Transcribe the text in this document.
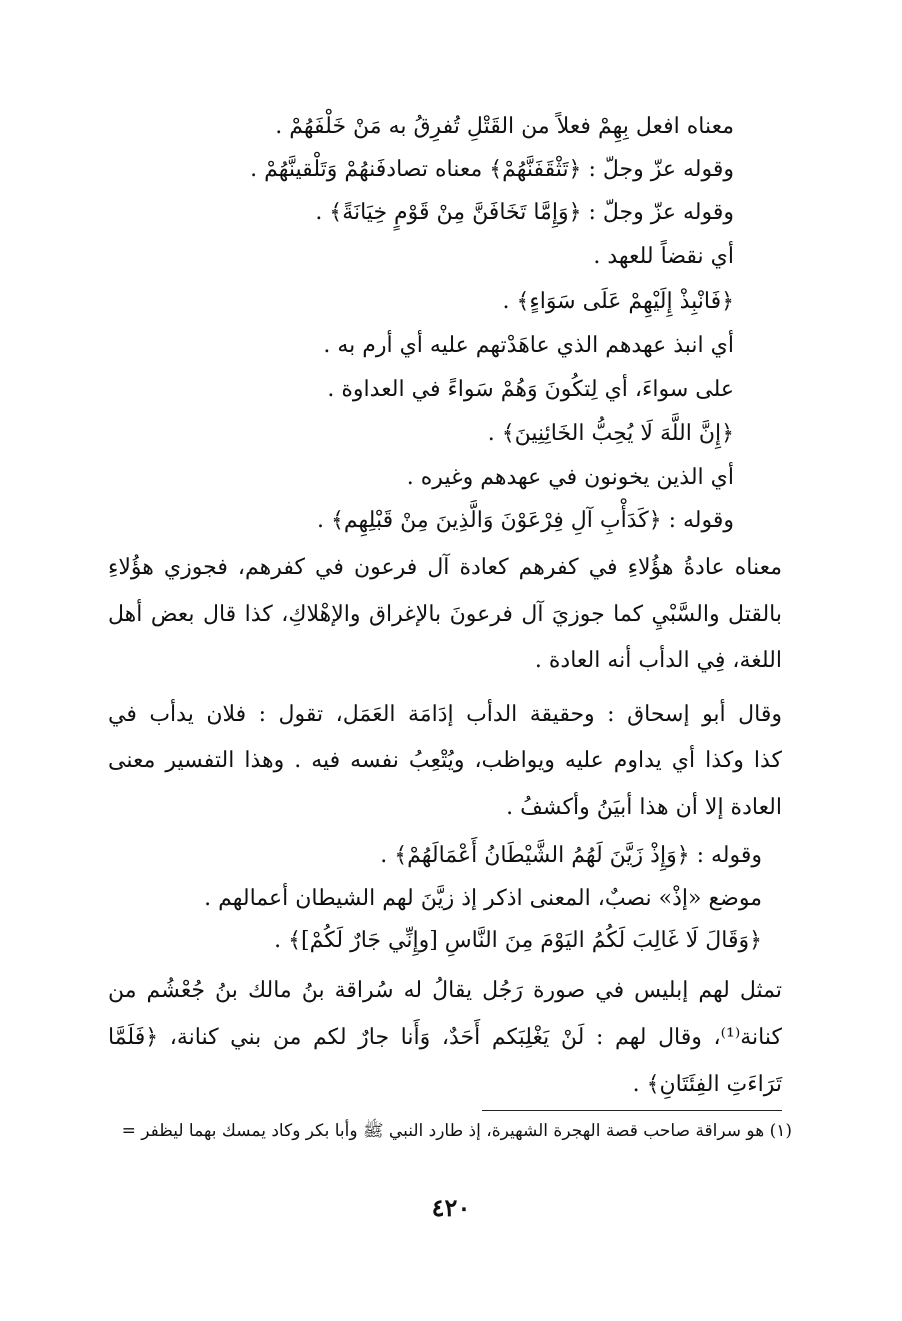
معناه افعل بِهِمْ فعلاً من القَتْلِ تُفرِقُ به مَنْ خَلْفَهُمْ .
وقوله عزّ وجلّ : ﴿تَثْقَفَنَّهُمْ﴾ معناه تصادفَنهُمْ وَتَلْقينَّهُمْ .
وقوله عزّ وجلّ : ﴿وَإِمَّا تَخَافَنَّ مِنْ قَوْمٍ خِيَانَةً﴾ .
أي نقضاً للعهد .
﴿فَانْبِذْ إِلَيْهِمْ عَلَى سَوَاءٍ﴾ .
أي انبذ عهدهم الذي عاهَدْتهم عليه أي أرم به .
على سواءَ، أي لِتكُونَ وَهُمْ سَواءً في العداوة .
﴿إِنَّ اللَّهَ لَا يُحِبُّ الخَائِنِينَ﴾ .
أي الذين يخونون في عهدهم وغيره .
وقوله : ﴿كَدَأْبِ آلِ فِرْعَوْنَ وَالَّذِينَ مِنْ قَبْلِهِم﴾ .
معناه عادةُ هؤُلاءِ في كفرهم كعادة آل فرعون في كفرهم، فجوزي هؤُلاءِ
بالقتل والسَّبْيِ كما جوزيَ آل فرعونَ بالإغراق والإهْلاكِ، كذا قال بعض أهل
اللغة، فِي الدأب أنه العادة .
وقال أبو إسحاق : وحقيقة الدأب إدَامَة العَمَل، تقول : فلان يدأب في
كذا وكذا أي يداوم عليه ويواظب، ويُتْعِبُ نفسه فيه . وهذا التفسير معنى
العادة إلا أن هذا أبيَنُ وأكشفُ .
وقوله : ﴿وَإِذْ زَيَّنَ لَهُمُ الشَّيْطَانُ أَعْمَالَهُمْ﴾ .
موضع «إذْ» نصبٌ، المعنى اذكر إذ زيَّنَ لهم الشيطان أعمالهم .
﴿وَقَالَ لَا غَالِبَ لَكُمُ اليَوْمَ مِنَ النَّاسِ [وإِنِّي جَارٌ لَكُمْ]﴾ .
تمثل لهم إبليس في صورة رَجُل يقالُ له سُراقة بنُ مالك بنُ جُعْشُم من
كنانة⁽¹⁾، وقال لهم : لَنْ يَغْلِبَكم أَحَدٌ، وَأَنا جارٌ لكم من بني كنانة، ﴿فَلَمَّا
تَرَاءَتِ الفِئَتَانِ﴾ .
(١) هو سراقة صاحب قصة الهجرة الشهيرة، إذ طارد النبي ﷺ وأبا بكر وكاد يمسك بهما ليظفر =
٤٢٠
